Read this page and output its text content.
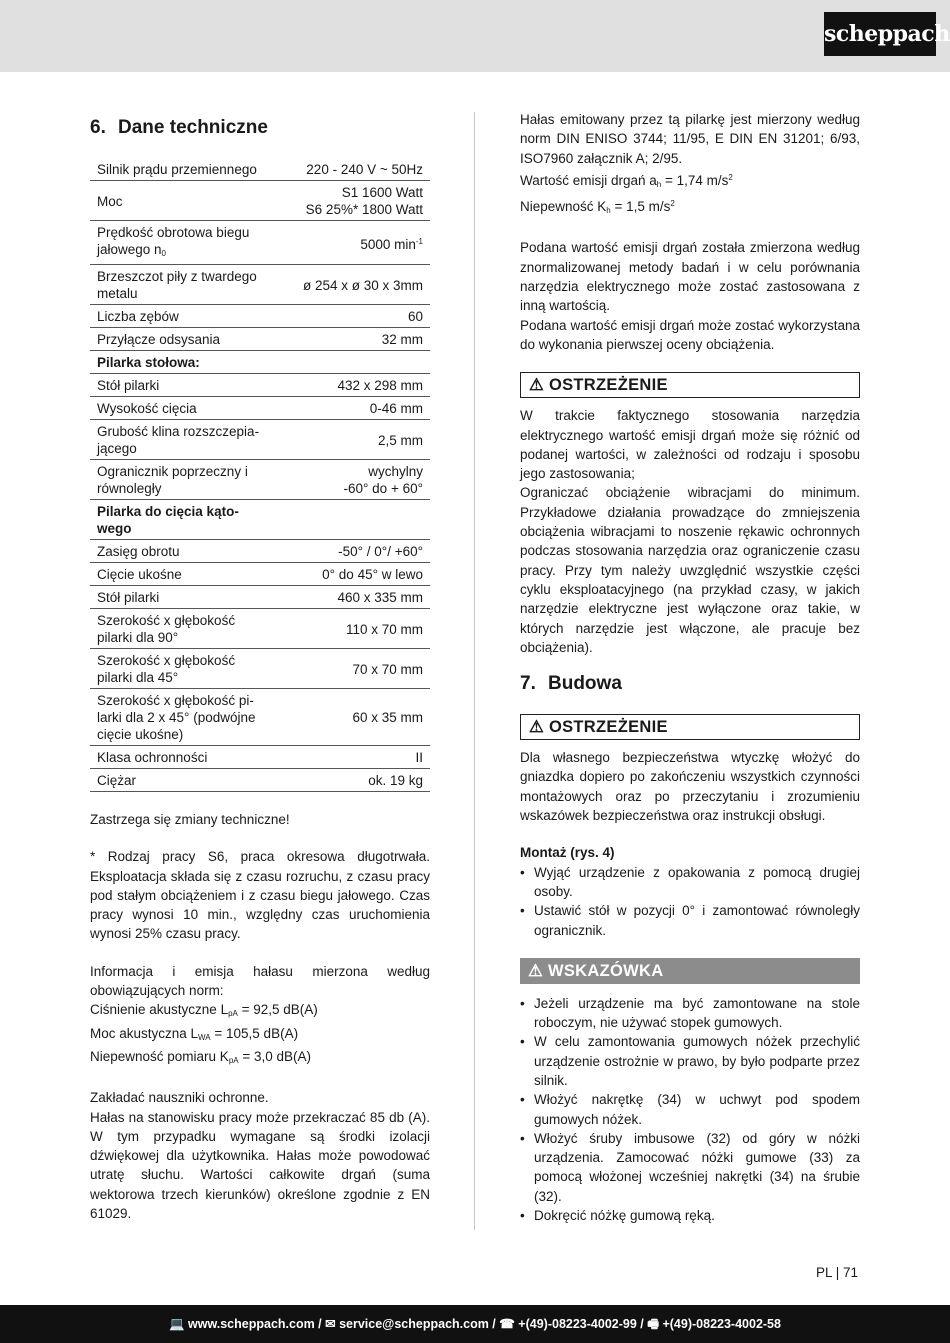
scheppach
6. Dane techniczne
Silnik prądu przemiennego	220 - 240 V ~ 50Hz
Moc	S1 1600 Watt
S6 25%* 1800 Watt
Prędkość obrotowa biegu
jałowego $n_0$	5000 $\min^{-1}$
Brzeszczot piły z twardego
metalu	ø 254 x ø 30 x 3mm
Liczba zębów	60
Przyłącze odsysania	32 mm
Pilarka stołowa:	
Stół pilarki	432 x 298 mm
Wysokość cięcia	0-46 mm
Grubość klina rozszczepia-
jącego	2,5 mm
Ogranicznik poprzeczny i
równoległy	wychylny
-60° do + 60°
Pilarka do cięcia kąto-
wego	
Zasięg obrotu	-50° / 0°/ +60°
Cięcie ukośne	0° do 45° w lewo
Stół pilarki	460 x 335 mm
Szerokość x głębokość
pilarki dla 90°	110 x 70 mm
Szerokość x głębokość
pilarki dla 45°	70 x 70 mm
Szerokość x głębokość pi-
larki dla 2 x 45° (podwójne
cięcie ukośne)	60 x 35 mm
Klasa ochronności	II
Ciężar	ok. 19 kg

Zastrzega się zmiany techniczne!

* Rodzaj pracy S6, praca okresowa długotrwała. Eksploatacja składa się z czasu rozruchu, z czasu pracy pod stałym obciążeniem i z czasu biegu jałowego. Czas pracy wynosi 10 min., względny czas uruchomienia wynosi 25% czasu pracy.

Informacja i emisja hałasu mierzona według obowiązujących norm:

Ciśnienie akustyczne $L_{pA} = 92,5$ dB(A)

Moc akustyczna $L_{WA} = 105,5$ dB(A)

Niepewność pomiaru $K_{pA} = 3,0$ dB(A)

Zakładać nauszniki ochronne.
Hałas na stanowisku pracy może przekraczać 85 db (A). W tym przypadku wymagane są środki izolacji dźwiękowej dla użytkownika. Hałas może powodować utratę słuchu. Wartości całkowite drgań (suma wektorowa trzech kierunków) określone zgodnie z EN 61029.

Hałas emitowany przez tą pilarkę jest mierzony według norm DIN ENISO 3744; 11/95, E DIN EN 31201; 6/93, ISO7960 załącznik A; 2/95.

Wartość emisji drgań $a_h = 1,74$ $m/s^2$

Niepewność $K_h = 1,5$ $m/s^2$

Podana wartość emisji drgań została zmierzona według znormalizowanej metody badań i w celu porównania narzędzia elektrycznego może zostać zastosowana z inną wartością.
Podana wartość emisji drgań może zostać wykorzystana do wykonania pierwszej oceny obciążenia.

⚠ OSTRZEŻENIE

W trakcie faktycznego stosowania narzędzia elektrycznego wartość emisji drgań może się różnić od podanej wartości, w zależności od rodzaju i sposobu jego zastosowania;
Ograniczać obciążenie wibracjami do minimum. Przykładowe działania prowadzące do zmniejszenia obciążenia wibracjami to noszenie rękawic ochronnych podczas stosowania narzędzia oraz ograniczenie czasu pracy. Przy tym należy uwzględnić wszystkie części cyklu eksploatacyjnego (na przykład czasy, w jakich narzędzie elektryczne jest wyłączone oraz takie, w których narzędzie jest włączone, ale pracuje bez obciążenia).

7. Budowa
⚠ OSTRZEŻENIE

Dla własnego bezpieczeństwa wtyczkę włożyć do gniazdka dopiero po zakończeniu wszystkich czynności montażowych oraz po przeczytaniu i zrozumieniu wskazówek bezpieczeństwa oraz instrukcji obsługi.

Montaż (rys. 4)

• Wyjąć urządzenie z opakowania z pomocą drugiej osoby.
• Ustawić stół w pozycji 0° i zamontować równoległy ogranicznik.
⚠ WSKAZÓWKA
• Jeżeli urządzenie ma być zamontowane na stole roboczym, nie używać stopek gumowych.
• W celu zamontowania gumowych nóżek przechylić urządzenie ostrożnie w prawo, by było podparte przez silnik.
• Włożyć nakrętkę (34) w uchwyt pod spodem gumowych nóżek.
• Włożyć śruby imbusowe (32) od góry w nóżki urządzenia. Zamocować nóżki gumowe (33) za pomocą włożonej wcześniej nakrętki (34) na śrubie (32).
• Dokręcić nóżkę gumową ręką.
PL | 71
💻 www.scheppach.com / ✉ service@scheppach.com / ☎ +(49)-08223-4002-99 / 🖷 +(49)-08223-4002-58
